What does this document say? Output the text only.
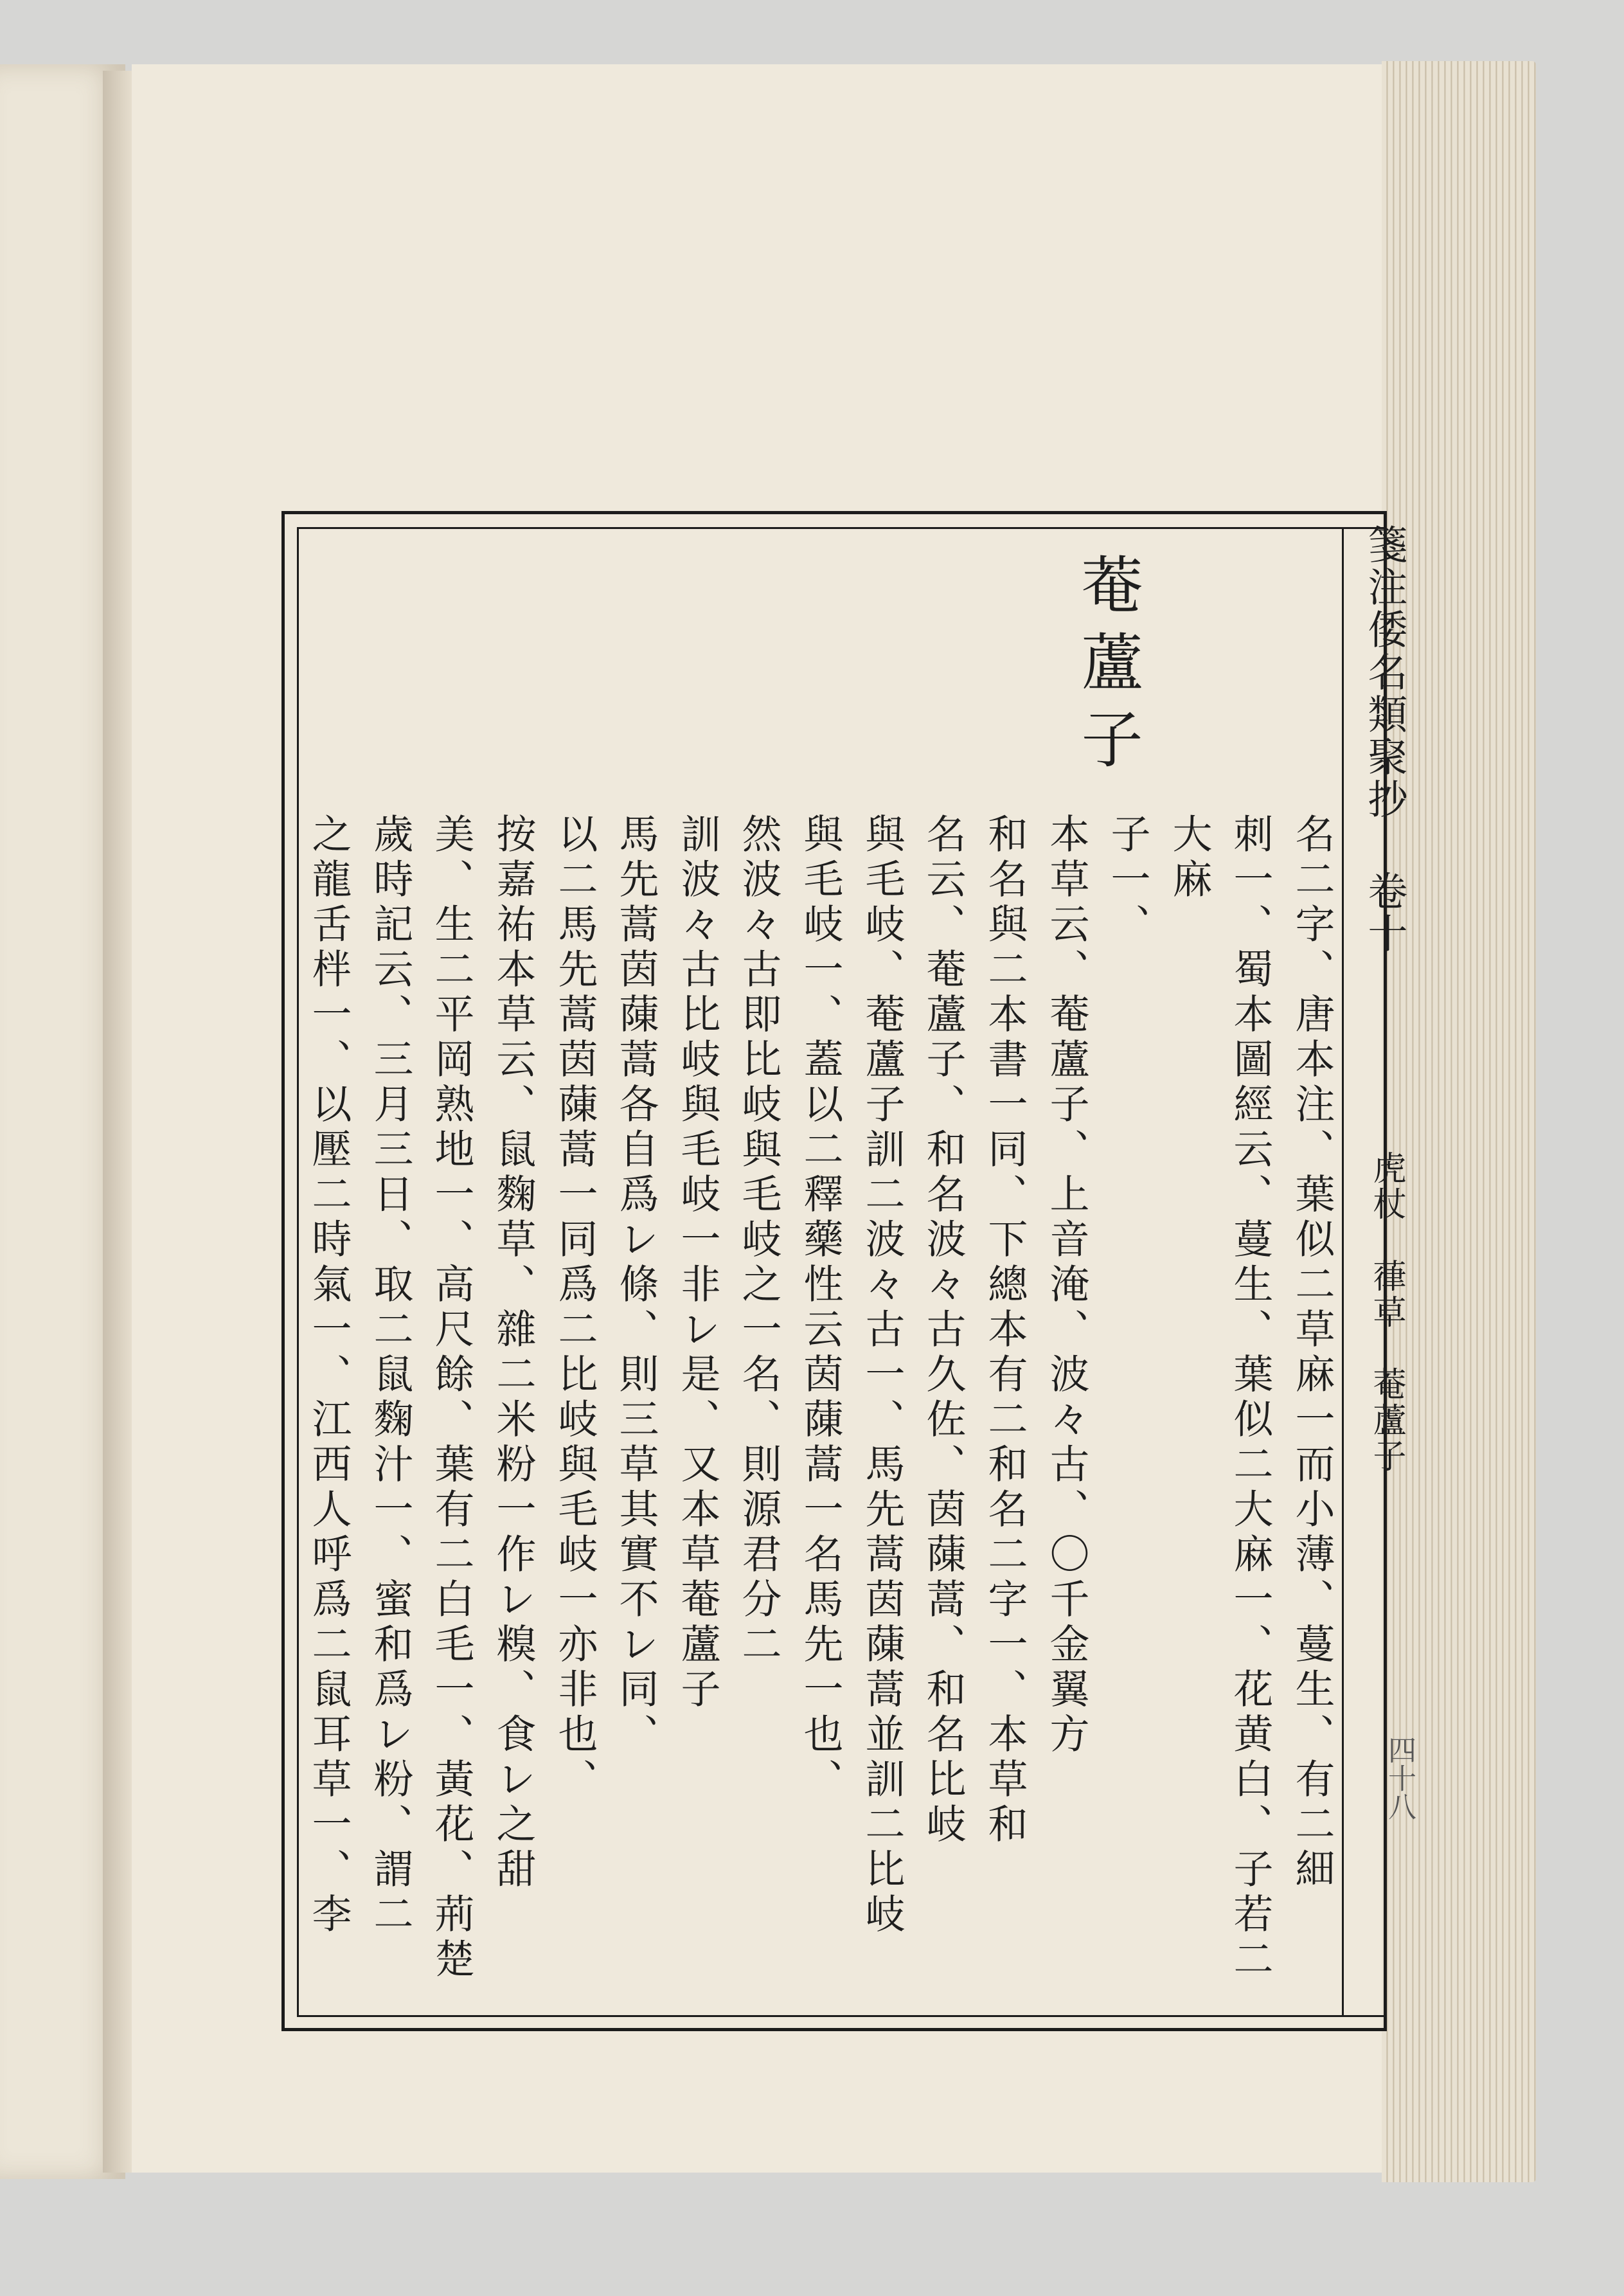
箋注倭名類聚抄 卷十
虎杖　葎草　菴蘆子
四十八
菴蘆子
名二字、唐本注、葉似二草麻一而小薄、蔓生、有二細
刺一、蜀本圖經云、蔓生、葉似二大麻一、花黄白、子若二
大麻
子一、
本草云、菴蘆子、上音淹、波々古、〇千金翼方
和名與二本書一同、下總本有二和名二字一、本草和
名云、菴蘆子、和名波々古久佐、茵蔯蒿、和名比岐
與毛岐、菴蘆子訓二波々古一、馬先蒿茵蔯蒿並訓二比岐
與毛岐一、蓋以二釋藥性云茵蔯蒿一名馬先一也、
然波々古即比岐與毛岐之一名、則源君分二
訓波々古比岐與毛岐一非レ是、又本草菴蘆子
馬先蒿茵蔯蒿各自爲レ條、則三草其實不レ同、
以二馬先蒿茵蔯蒿一同爲二比岐與毛岐一亦非也、
按嘉祐本草云、鼠麴草、雜二米粉一作レ糗、食レ之甜
美、生二平岡熟地一、高尺餘、葉有二白毛一、黃花、荊楚
歲時記云、三月三日、取二鼠麴汁一、蜜和爲レ粉、謂二
之龍舌柈一、以壓二時氣一、江西人呼爲二鼠耳草一、李
